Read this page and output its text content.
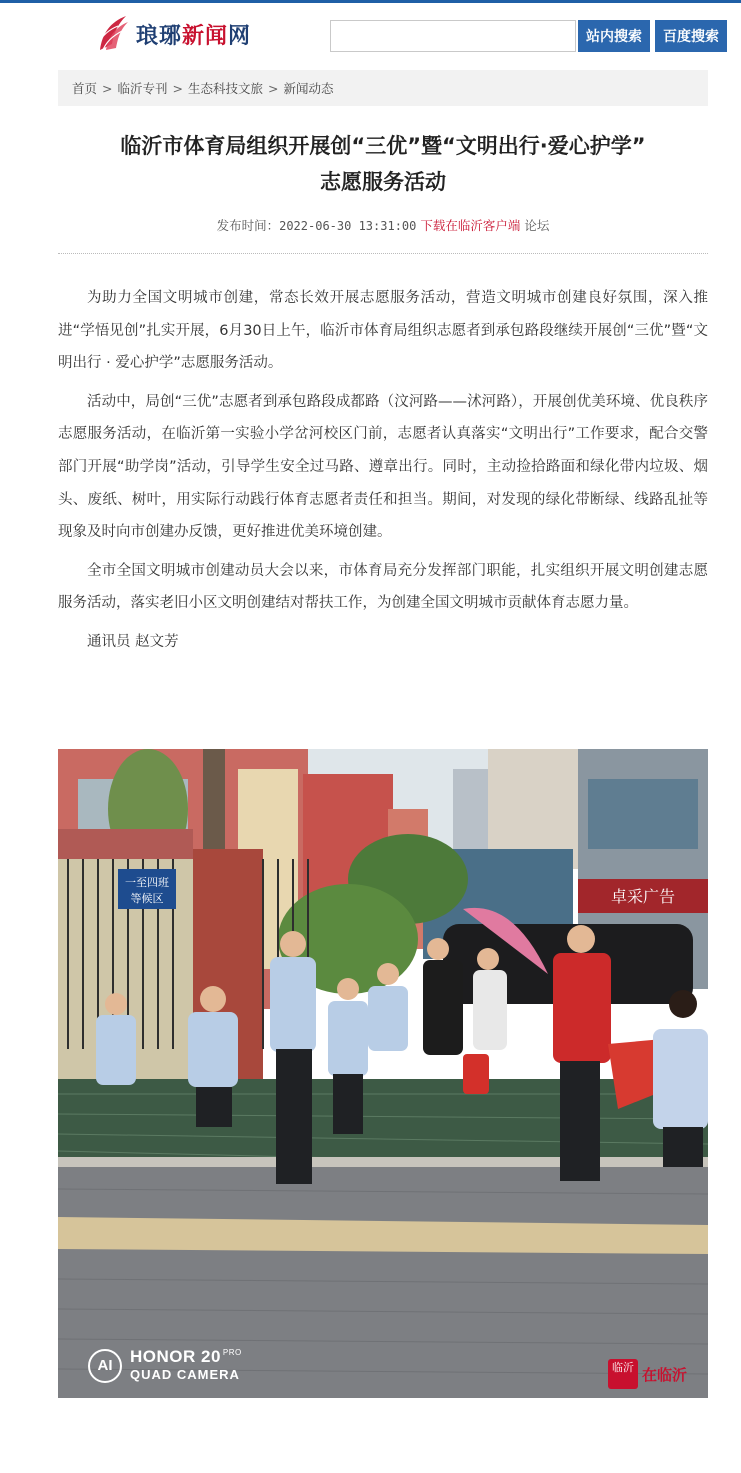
琅琊新闻网	站内搜索	百度搜索
首页 > 临沂专刊 > 生态科技文旅 > 新闻动态
临沂市体育局组织开展创“三优”暨“文明出行·爱心护学”
志愿服务活动
发布时间：2022-06-30 13:31:00 下载在临沂客户端 论坛

为助力全国文明城市创建，常态长效开展志愿服务活动，营造文明城市创建良好氛围，深入推进“学悟见创”扎实开展，6月30日上午，临沂市体育局组织志愿者到承包路段继续开展创“三优”暨“文明出行 · 爱心护学”志愿服务活动。

活动中，局创“三优”志愿者到承包路段成都路（汶河路——沭河路），开展创优美环境、优良秩序志愿服务活动，在临沂第一实验小学岔河校区门前，志愿者认真落实“文明出行”工作要求，配合交警部门开展“助学岗”活动，引导学生安全过马路、遵章出行。同时，主动捡拾路面和绿化带内垃圾、烟头、废纸、树叶，用实际行动践行体育志愿者责任和担当。期间，对发现的绿化带断绿、线路乱扯等现象及时向市创建办反馈，更好推进优美环境创建。

全市全国文明城市创建动员大会以来，市体育局充分发挥部门职能，扎实组织开展文明创建志愿服务活动，落实老旧小区文明创建结对帮扶工作，为创建全国文明城市贡献体育志愿力量。

通讯员 赵文芳

卓采广告
一至四班
等候区
AI	HONOR 20 $^{PRO}$
QUAD CAMERA	临沂 在临沂
